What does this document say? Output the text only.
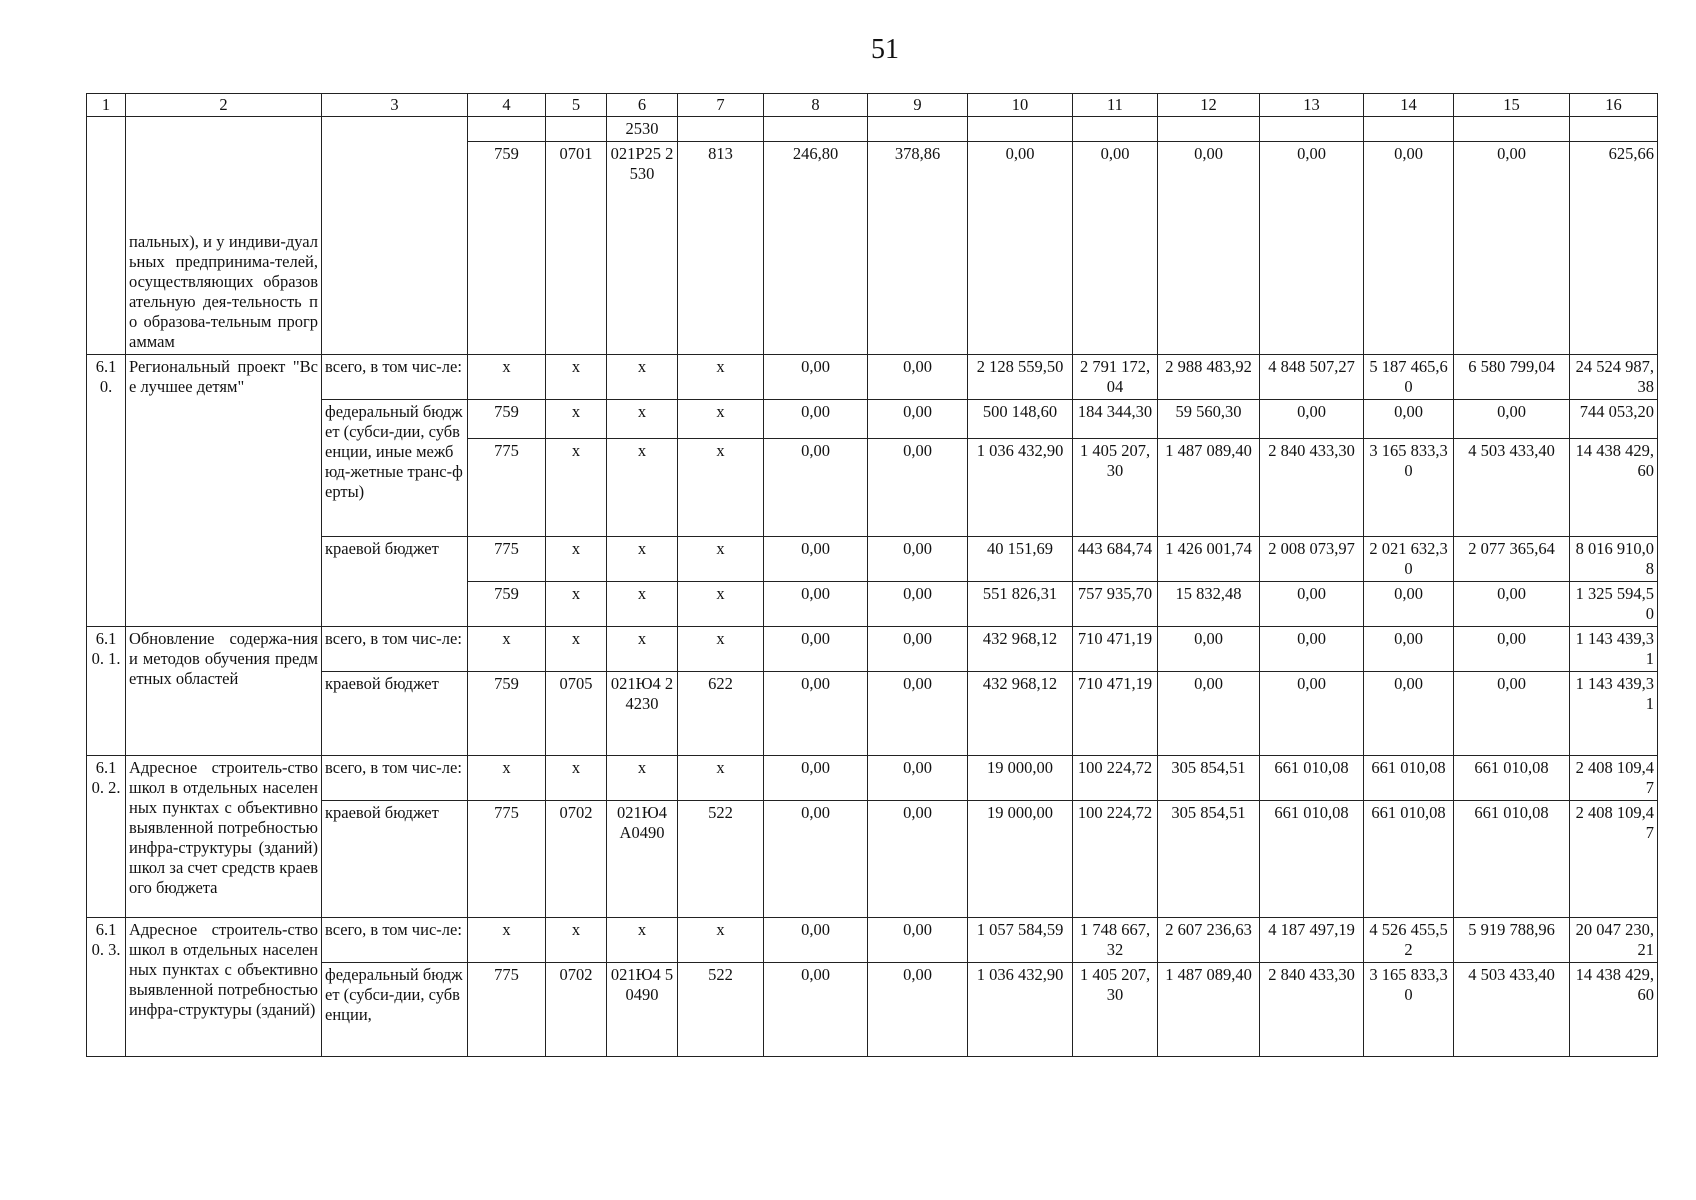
51
1	2	3	4	5	6	7	8	9	10	11	12	13	14	15	16
	пальных), и у индиви-дуальных предпринима-телей, осуществляющих образовательную дея-тельность по образова-тельным программам				2530										
			759	0701	021Р25 2530	813	246,80	378,86	0,00	0,00	0,00	0,00	0,00	0,00	625,66
6.10.	Региональный проект "Все лучшее детям"	всего, в том чис-ле:	x	x	x	x	0,00	0,00	2 128 559,50	2 791 172,04	2 988 483,92	4 848 507,27	5 187 465,60	6 580 799,04	24 524 987,38
		федеральный бюджет (субси-дии, субвенции, иные межбюд-жетные транс-ферты)	759	x	x	x	0,00	0,00	500 148,60	184 344,30	59 560,30	0,00	0,00	0,00	744 053,20
			775	x	x	x	0,00	0,00	1 036 432,90	1 405 207,30	1 487 089,40	2 840 433,30	3 165 833,30	4 503 433,40	14 438 429,60
		краевой бюджет	775	x	x	x	0,00	0,00	40 151,69	443 684,74	1 426 001,74	2 008 073,97	2 021 632,30	2 077 365,64	8 016 910,08
			759	x	x	x	0,00	0,00	551 826,31	757 935,70	15 832,48	0,00	0,00	0,00	1 325 594,50
6.10. 1.	Обновление содержа-ния и методов обучения предметных областей	всего, в том чис-ле:	x	x	x	x	0,00	0,00	432 968,12	710 471,19	0,00	0,00	0,00	0,00	1 143 439,31
		краевой бюджет	759	0705	021Ю4 24230	622	0,00	0,00	432 968,12	710 471,19	0,00	0,00	0,00	0,00	1 143 439,31
6.10. 2.	Адресное строитель-ство школ в отдельных населенных пунктах с объективно выявленной потребностью инфра-структуры (зданий) школ за счет средств краевого бюджета	всего, в том чис-ле:	x	x	x	x	0,00	0,00	19 000,00	100 224,72	305 854,51	661 010,08	661 010,08	661 010,08	2 408 109,47
		краевой бюджет	775	0702	021Ю4 А0490	522	0,00	0,00	19 000,00	100 224,72	305 854,51	661 010,08	661 010,08	661 010,08	2 408 109,47
6.10. 3.	Адресное строитель-ство школ в отдельных населенных пунктах с объективно выявленной потребностью инфра-структуры (зданий)	всего, в том чис-ле:	x	x	x	x	0,00	0,00	1 057 584,59	1 748 667,32	2 607 236,63	4 187 497,19	4 526 455,52	5 919 788,96	20 047 230,21
		федеральный бюджет (субси-дии, субвенции,	775	0702	021Ю4 50490	522	0,00	0,00	1 036 432,90	1 405 207,30	1 487 089,40	2 840 433,30	3 165 833,30	4 503 433,40	14 438 429,60
